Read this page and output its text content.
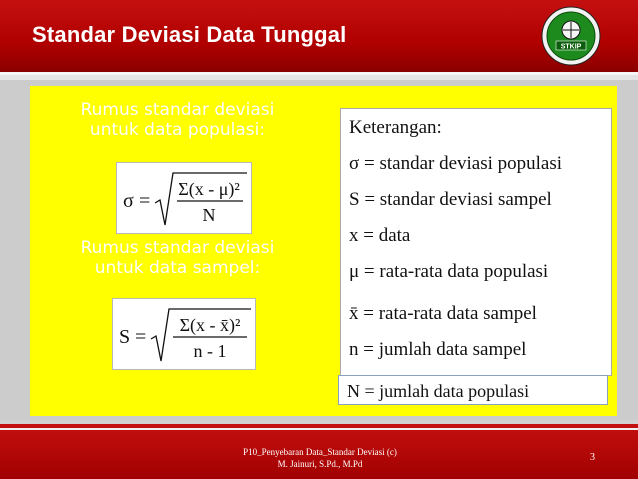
Standar Deviasi Data Tunggal	STKIP
Rumus standar deviasi
untuk data populasi:
σ =
Σ(x - μ)²
N
Rumus standar deviasi
untuk data sampel:
S =
Σ(x - x̄)²
n - 1
Keterangan:
σ = standar deviasi populasi
S = standar deviasi sampel
x = data
μ = rata-rata data populasi
x̄ = rata-rata data sampel
n = jumlah data sampel
N = jumlah data populasi
P10_Penyebaran Data_Standar Deviasi (c)
M. Jainuri, S.Pd., M.Pd
3
